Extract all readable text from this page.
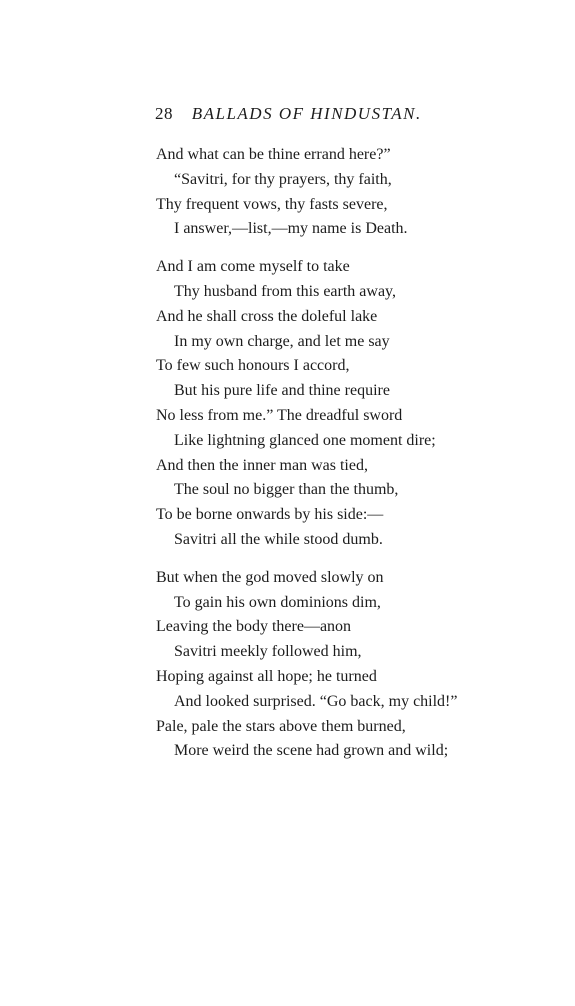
28 BALLADS OF HINDUSTAN.
And what can be thine errand here?”
“Savitri, for thy prayers, thy faith,
Thy frequent vows, thy fasts severe,
I answer,—list,—my name is Death.
And I am come myself to take
Thy husband from this earth away,
And he shall cross the doleful lake
In my own charge, and let me say
To few such honours I accord,
But his pure life and thine require
No less from me.” The dreadful sword
Like lightning glanced one moment dire;
And then the inner man was tied,
The soul no bigger than the thumb,
To be borne onwards by his side:—
Savitri all the while stood dumb.
But when the god moved slowly on
To gain his own dominions dim,
Leaving the body there—anon
Savitri meekly followed him,
Hoping against all hope; he turned
And looked surprised. “Go back, my child!”
Pale, pale the stars above them burned,
More weird the scene had grown and wild;
